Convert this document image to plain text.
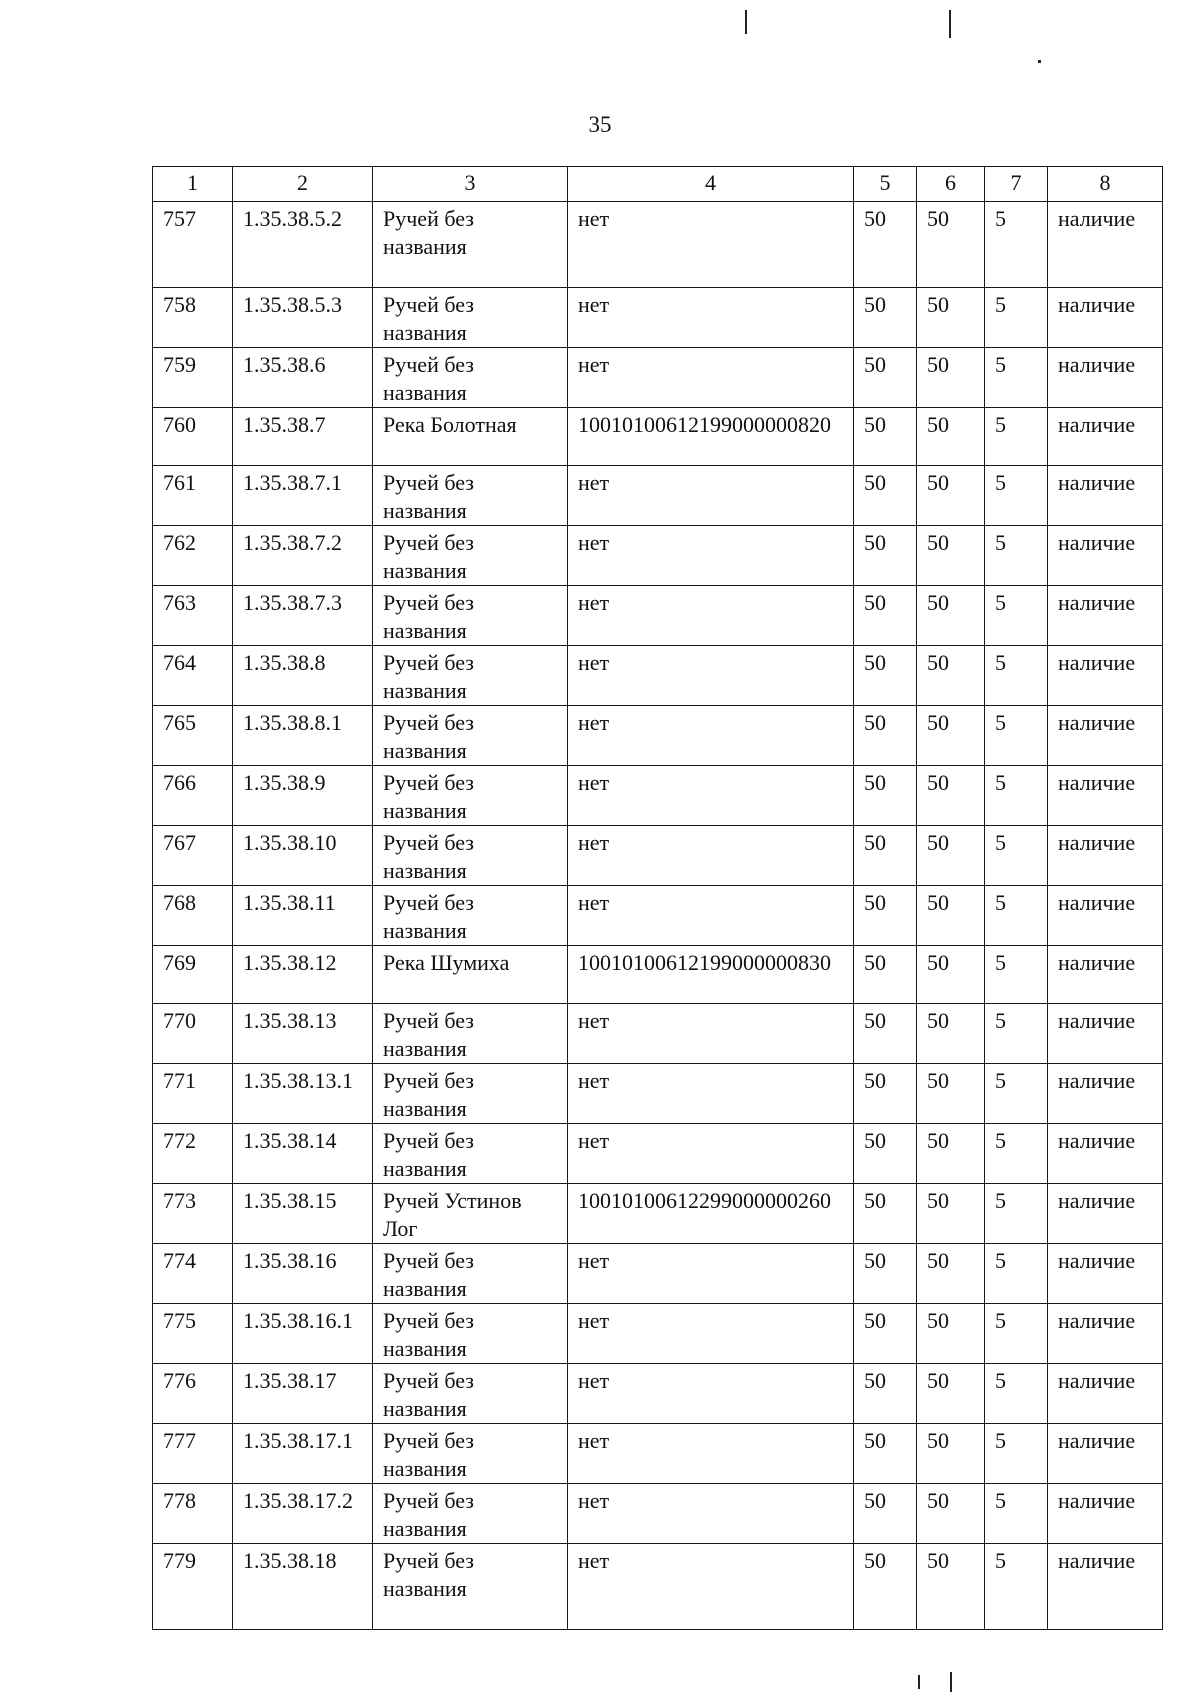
35
1	2	3	4	5	6	7	8
757	1.35.38.5.2	Ручей без названия	нет	50	50	5	наличие
758	1.35.38.5.3	Ручей без названия	нет	50	50	5	наличие
759	1.35.38.6	Ручей без названия	нет	50	50	5	наличие
760	1.35.38.7	Река Болотная	10010100612199000000820	50	50	5	наличие
761	1.35.38.7.1	Ручей без названия	нет	50	50	5	наличие
762	1.35.38.7.2	Ручей без названия	нет	50	50	5	наличие
763	1.35.38.7.3	Ручей без названия	нет	50	50	5	наличие
764	1.35.38.8	Ручей без названия	нет	50	50	5	наличие
765	1.35.38.8.1	Ручей без названия	нет	50	50	5	наличие
766	1.35.38.9	Ручей без названия	нет	50	50	5	наличие
767	1.35.38.10	Ручей без названия	нет	50	50	5	наличие
768	1.35.38.11	Ручей без названия	нет	50	50	5	наличие
769	1.35.38.12	Река Шумиха	10010100612199000000830	50	50	5	наличие
770	1.35.38.13	Ручей без названия	нет	50	50	5	наличие
771	1.35.38.13.1	Ручей без названия	нет	50	50	5	наличие
772	1.35.38.14	Ручей без названия	нет	50	50	5	наличие
773	1.35.38.15	Ручей Устинов Лог	10010100612299000000260	50	50	5	наличие
774	1.35.38.16	Ручей без названия	нет	50	50	5	наличие
775	1.35.38.16.1	Ручей без названия	нет	50	50	5	наличие
776	1.35.38.17	Ручей без названия	нет	50	50	5	наличие
777	1.35.38.17.1	Ручей без названия	нет	50	50	5	наличие
778	1.35.38.17.2	Ручей без названия	нет	50	50	5	наличие
779	1.35.38.18	Ручей без названия	нет	50	50	5	наличие
